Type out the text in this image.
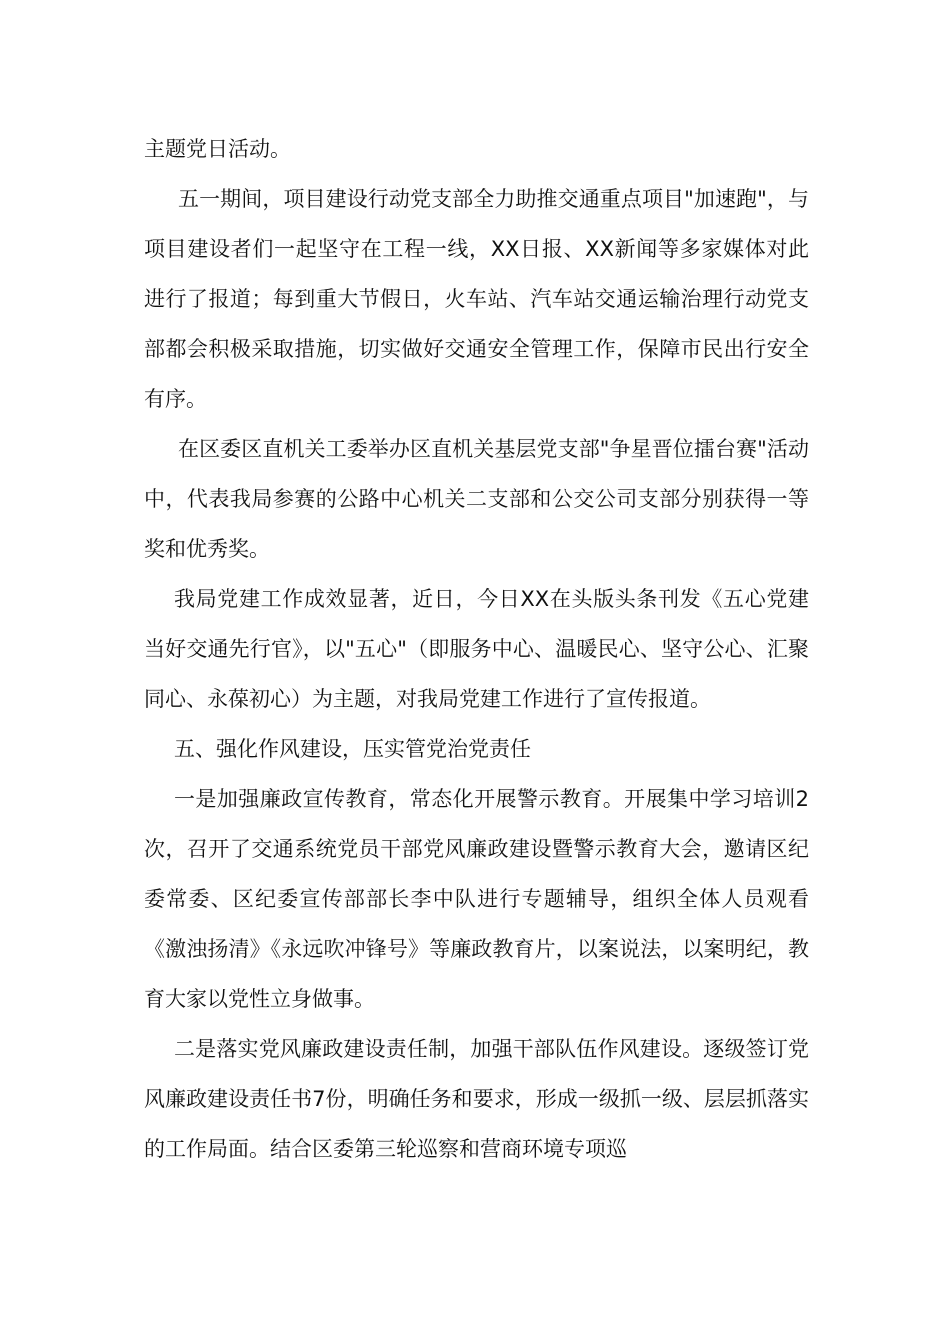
主题党日活动。

五一期间，项目建设行动党支部全力助推交通重点项目"加速跑"，与项目建设者们一起坚守在工程一线，XX日报、XX新闻等多家媒体对此进行了报道；每到重大节假日，火车站、汽车站交通运输治理行动党支部都会积极采取措施，切实做好交通安全管理工作，保障市民出行安全有序。

在区委区直机关工委举办区直机关基层党支部"争星晋位擂台赛"活动中，代表我局参赛的公路中心机关二支部和公交公司支部分别获得一等奖和优秀奖。

我局党建工作成效显著，近日，今日XX在头版头条刊发《五心党建当好交通先行官》，以"五心"（即服务中心、温暖民心、坚守公心、汇聚同心、永葆初心）为主题，对我局党建工作进行了宣传报道。

五、强化作风建设，压实管党治党责任

一是加强廉政宣传教育，常态化开展警示教育。开展集中学习培训2次，召开了交通系统党员干部党风廉政建设暨警示教育大会，邀请区纪委常委、区纪委宣传部部长李中队进行专题辅导，组织全体人员观看《激浊扬清》《永远吹冲锋号》等廉政教育片，以案说法，以案明纪，教育大家以党性立身做事。

二是落实党风廉政建设责任制，加强干部队伍作风建设。逐级签订党风廉政建设责任书7份，明确任务和要求，形成一级抓一级、层层抓落实的工作局面。结合区委第三轮巡察和营商环境专项巡
